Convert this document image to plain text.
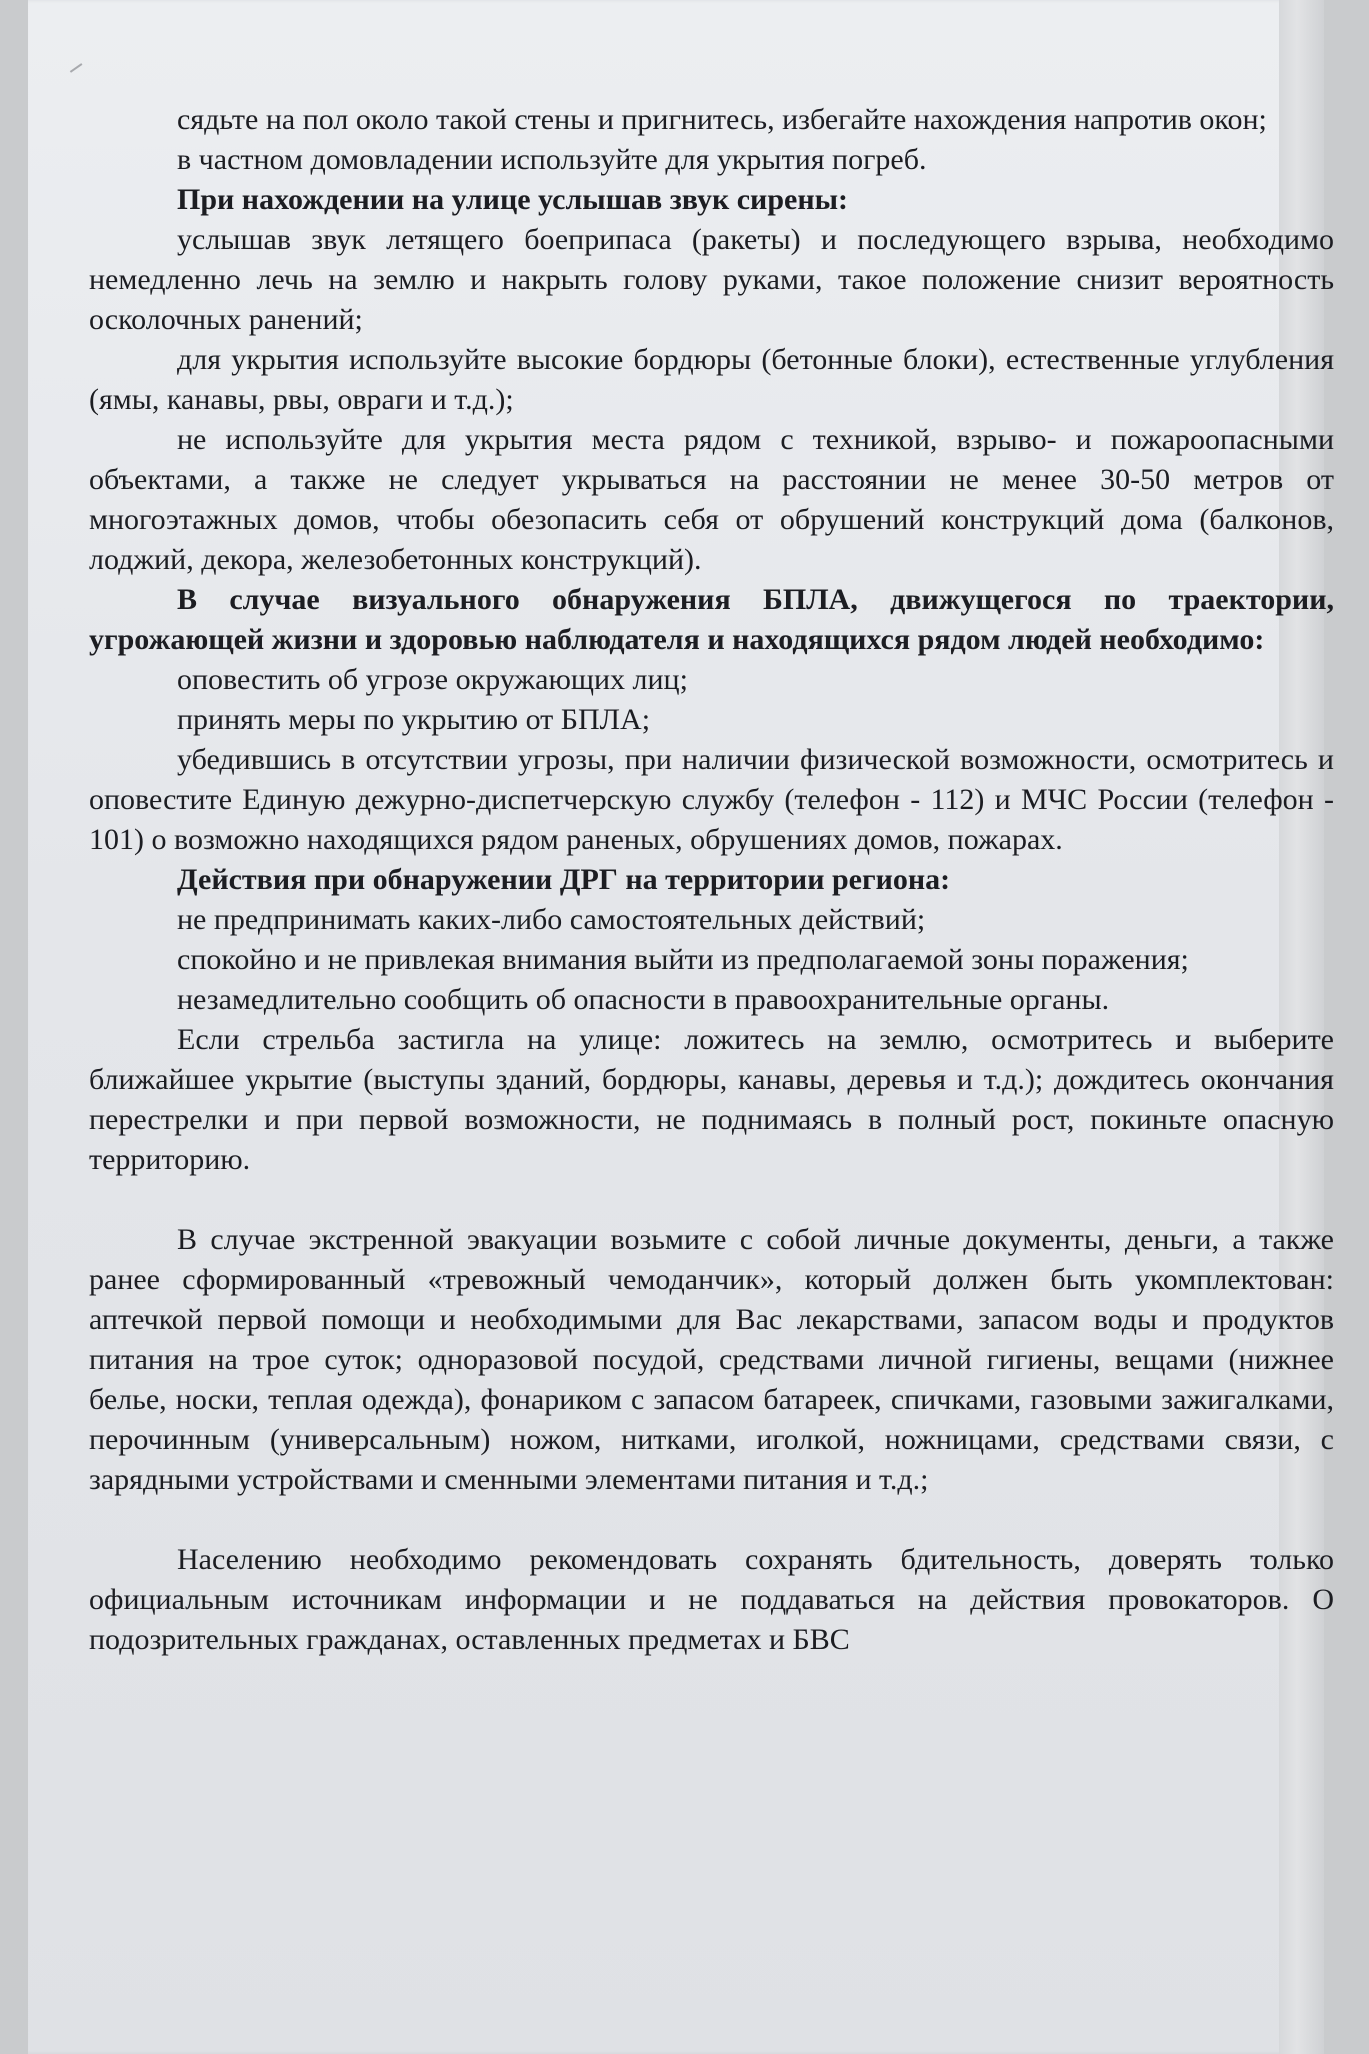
сядьте на пол около такой стены и пригнитесь, избегайте нахождения напротив окон;

в частном домовладении используйте для укрытия погреб.

При нахождении на улице услышав звук сирены:

услышав звук летящего боеприпаса (ракеты) и последующего взрыва, необходимо немедленно лечь на землю и накрыть голову руками, такое положение снизит вероятность осколочных ранений;

для укрытия используйте высокие бордюры (бетонные блоки), естественные углубления (ямы, канавы, рвы, овраги и т.д.);

не используйте для укрытия места рядом с техникой, взрыво- и пожароопасными объектами, а также не следует укрываться на расстоянии не менее 30-50 метров от многоэтажных домов, чтобы обезопасить себя от обрушений конструкций дома (балконов, лоджий, декора, железобетонных конструкций).

В случае визуального обнаружения БПЛА, движущегося по траектории, угрожающей жизни и здоровью наблюдателя и находящихся рядом людей необходимо:

оповестить об угрозе окружающих лиц;

принять меры по укрытию от БПЛА;

убедившись в отсутствии угрозы, при наличии физической возможности, осмотритесь и оповестите Единую дежурно-диспетчерскую службу (телефон - 112) и МЧС России (телефон - 101) о возможно находящихся рядом раненых, обрушениях домов, пожарах.

Действия при обнаружении ДРГ на территории региона:

не предпринимать каких-либо самостоятельных действий;

спокойно и не привлекая внимания выйти из предполагаемой зоны поражения;

незамедлительно сообщить об опасности в правоохранительные органы.

Если стрельба застигла на улице: ложитесь на землю, осмотритесь и выберите ближайшее укрытие (выступы зданий, бордюры, канавы, деревья и т.д.); дождитесь окончания перестрелки и при первой возможности, не поднимаясь в полный рост, покиньте опасную территорию.

В случае экстренной эвакуации возьмите с собой личные документы, деньги, а также ранее сформированный «тревожный чемоданчик», который должен быть укомплектован: аптечкой первой помощи и необходимыми для Вас лекарствами, запасом воды и продуктов питания на трое суток; одноразовой посудой, средствами личной гигиены, вещами (нижнее белье, носки, теплая одежда), фонариком с запасом батареек, спичками, газовыми зажигалками, перочинным (универсальным) ножом, нитками, иголкой, ножницами, средствами связи, с зарядными устройствами и сменными элементами питания и т.д.;

Населению необходимо рекомендовать сохранять бдительность, доверять только официальным источникам информации и не поддаваться на действия провокаторов. О подозрительных гражданах, оставленных предметах и БВС
